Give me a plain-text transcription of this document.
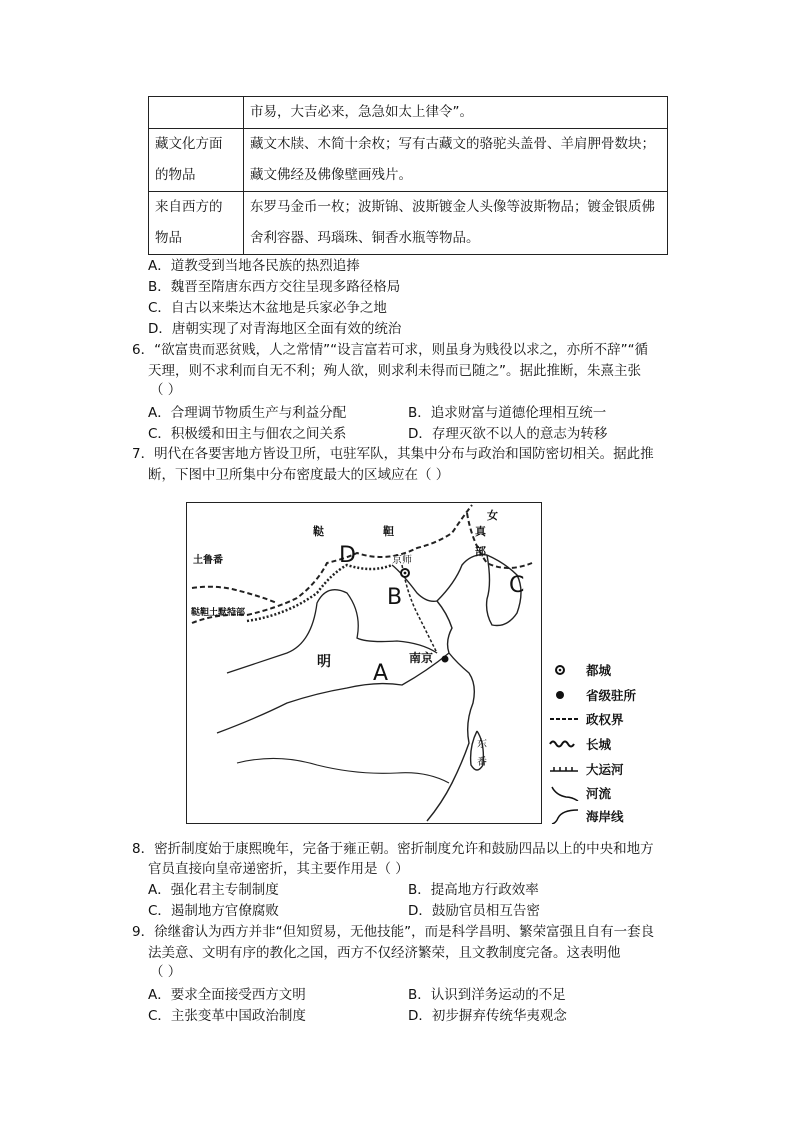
	市易，大吉必来，急急如太上律令”。
藏文化方面
的物品	藏文木牍、木简十余枚；写有古藏文的骆驼头盖骨、羊肩胛骨数块；
藏文佛经及佛像壁画残片。
来自西方的
物品	东罗马金币一枚；波斯锦、波斯镀金人头像等波斯物品；镀金银质佛
舍利容器、玛瑙珠、铜香水瓶等物品。
A．道教受到当地各民族的热烈追捧
B．魏晋至隋唐东西方交往呈现多路径格局
C．自古以来柴达木盆地是兵家必争之地
D．唐朝实现了对青海地区全面有效的统治
6．“欲富贵而恶贫贱，人之常情”“设言富若可求，则虽身为贱役以求之，亦所不辞”“循
天理，则不求利而自无不利；殉人欲，则求利未得而已随之”。据此推断，朱熹主张
（ ）
A．合理调节物质生产与利益分配	B．追求财富与道德伦理相互统一
C．积极缓和田主与佃农之间关系	D．存理灭欲不以人的意志为转移
7．明代在各要害地方皆设卫所，屯驻军队，其集中分布与政治和国防密切相关。据此推
断，下图中卫所集中分布密度最大的区域应在（ ）
D
B	C
A
南京
明
京师
鞑	靼
女
真
部
土鲁番
鞑靼土默特部
东
番
都城
省级驻所
政权界
长城
大运河
河流
海岸线
8．密折制度始于康熙晚年，完备于雍正朝。密折制度允许和鼓励四品以上的中央和地方
官员直接向皇帝递密折，其主要作用是（ ）
A．强化君主专制制度	B．提高地方行政效率
C．遏制地方官僚腐败	D．鼓励官员相互告密
9．徐继畬认为西方并非“但知贸易，无他技能”，而是科学昌明、繁荣富强且自有一套良
法美意、文明有序的教化之国，西方不仅经济繁荣，且文教制度完备。这表明他
（ ）
A．要求全面接受西方文明	B．认识到洋务运动的不足
C．主张变革中国政治制度	D．初步摒弃传统华夷观念
